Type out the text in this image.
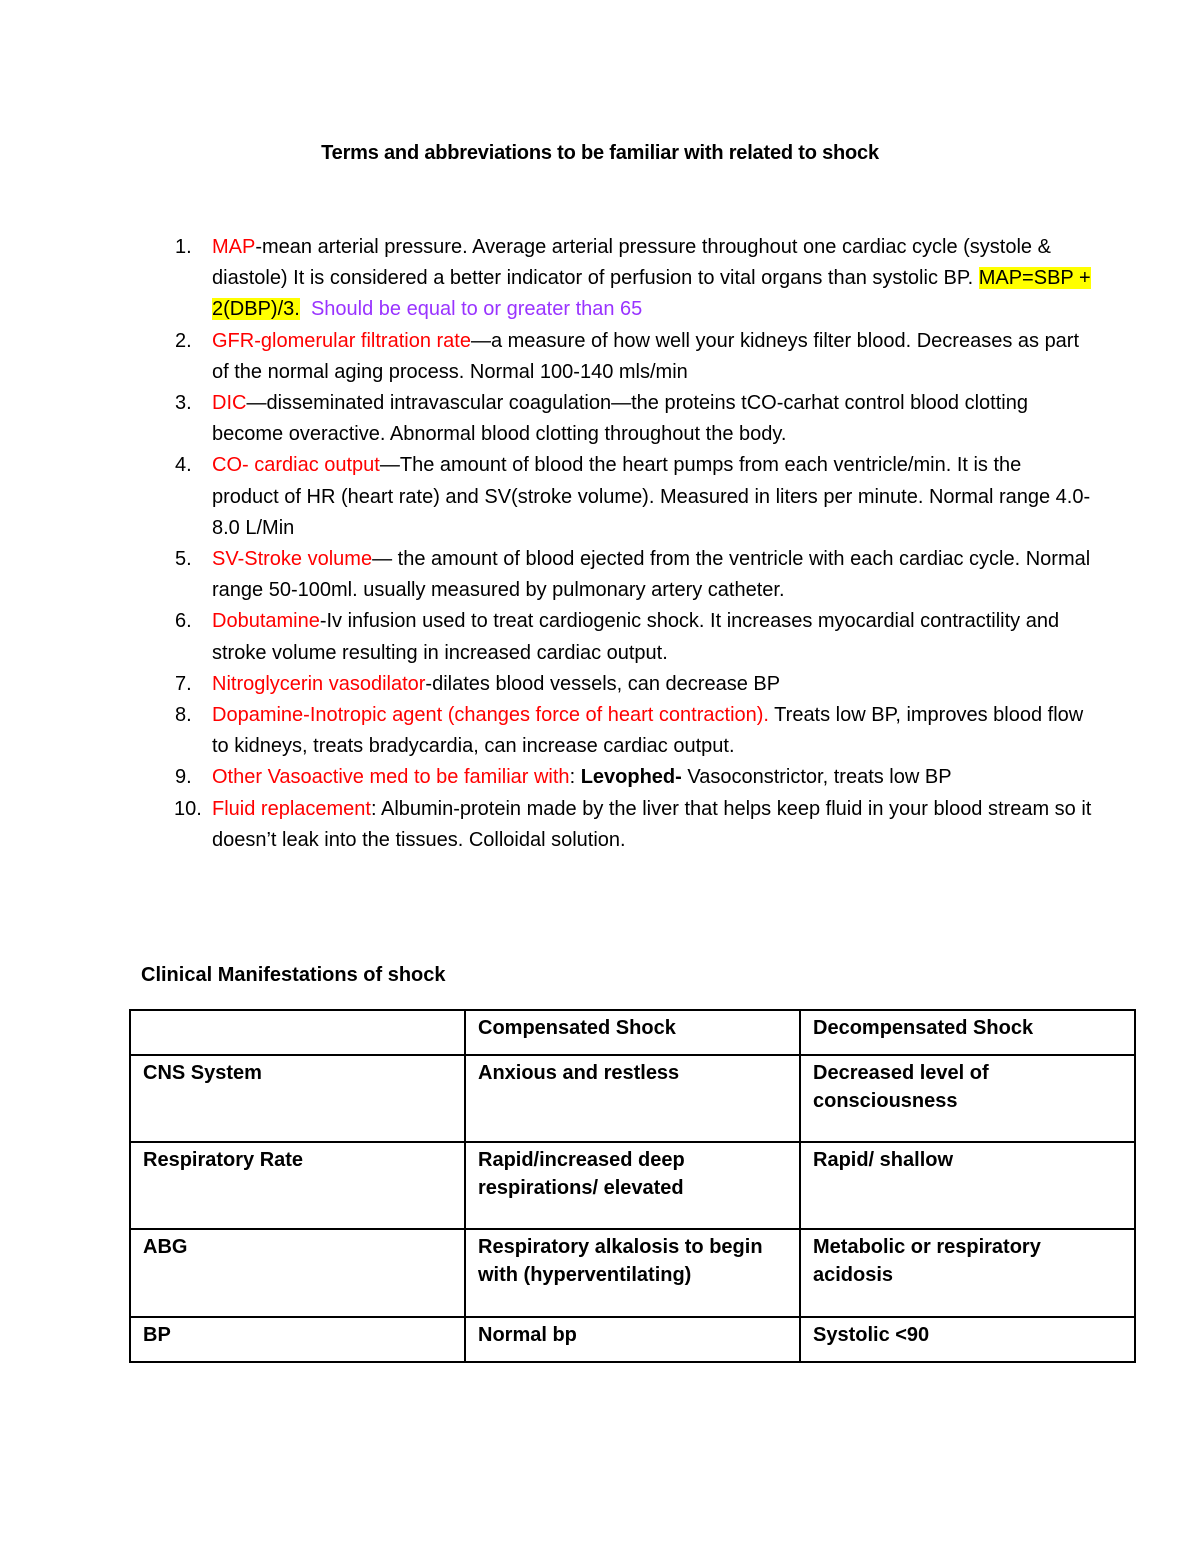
Terms and abbreviations to be familiar with related to shock
1.	MAP-mean arterial pressure. Average arterial pressure throughout one cardiac cycle (systole & diastole) It is considered a better indicator of perfusion to vital organs than systolic BP. MAP=SBP + 2(DBP)/3. Should be equal to or greater than 65
2.	GFR-glomerular filtration rate—a measure of how well your kidneys filter blood. Decreases as part of the normal aging process. Normal 100-140 mls/min
3.	DIC—disseminated intravascular coagulation—the proteins tCO-carhat control blood clotting become overactive. Abnormal blood clotting throughout the body.
4.	CO- cardiac output—The amount of blood the heart pumps from each ventricle/min. It is the product of HR (heart rate) and SV(stroke volume). Measured in liters per minute. Normal range 4.0-8.0 L/Min
5.	SV-Stroke volume— the amount of blood ejected from the ventricle with each cardiac cycle. Normal range 50-100ml. usually measured by pulmonary artery catheter.
6.	Dobutamine-Iv infusion used to treat cardiogenic shock. It increases myocardial contractility and stroke volume resulting in increased cardiac output.
7.	Nitroglycerin vasodilator-dilates blood vessels, can decrease BP
8.	Dopamine-Inotropic agent (changes force of heart contraction). Treats low BP, improves blood flow to kidneys, treats bradycardia, can increase cardiac output.
9.	Other Vasoactive med to be familiar with: Levophed- Vasoconstrictor, treats low BP
10. Fluid replacement: Albumin-protein made by the liver that helps keep fluid in your blood stream so it doesn’t leak into the tissues. Colloidal solution.
Clinical Manifestations of shock
	Compensated Shock	Decompensated Shock
CNS System	Anxious and restless	Decreased level of consciousness
Respiratory Rate	Rapid/increased deep respirations/ elevated	Rapid/ shallow
ABG	Respiratory alkalosis to begin with (hyperventilating)	Metabolic or respiratory acidosis
BP	Normal bp	Systolic <90
